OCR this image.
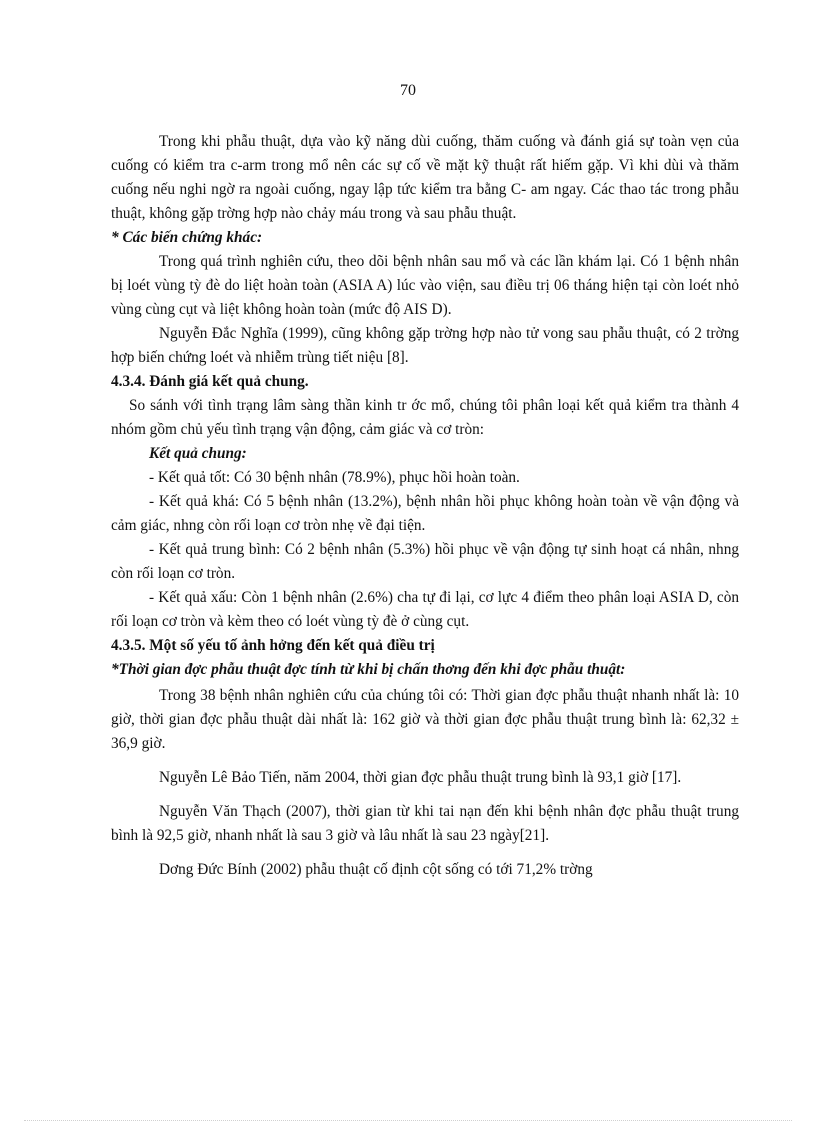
70

Trong khi phẫu thuật, dựa vào kỹ năng dùi cuống, thăm cuống và đánh giá sự toàn vẹn của cuống có kiểm tra c-arm trong mổ nên các sự cố về mặt kỹ thuật rất hiếm gặp. Vì khi dùi và thăm cuống nếu nghi ngờ ra ngoài cuống, ngay lập tức kiểm tra bằng C- am ngay. Các thao tác trong phẫu thuật, không gặp trờng hợp nào chảy máu trong và sau phẫu thuật.

* Các biến chứng khác:

Trong quá trình nghiên cứu, theo dõi bệnh nhân sau mổ và các lần khám lại. Có 1 bệnh nhân bị loét vùng tỳ đè do liệt hoàn toàn (ASIA A) lúc vào viện, sau điều trị 06 tháng hiện tại còn loét nhỏ vùng cùng cụt và liệt không hoàn toàn (mức độ AIS D).

Nguyễn Đắc Nghĩa (1999), cũng không gặp trờng hợp nào tử vong sau phẫu thuật, có 2 trờng hợp biến chứng loét và nhiễm trùng tiết niệu [8].

4.3.4. Đánh giá kết quả chung.

So sánh với tình trạng lâm sàng thần kinh tr ớc mổ, chúng tôi phân loại kết quả kiểm tra thành 4 nhóm gồm chủ yếu tình trạng vận động, cảm giác và cơ tròn:

Kết quả chung:

- Kết quả tốt: Có 30 bệnh nhân (78.9%), phục hồi hoàn toàn.

- Kết quả khá: Có 5 bệnh nhân (13.2%), bệnh nhân hồi phục không hoàn toàn về vận động và cảm giác, nhng còn rối loạn cơ tròn nhẹ về đại tiện.

- Kết quả trung bình: Có 2 bệnh nhân (5.3%) hồi phục về vận động tự sinh hoạt cá nhân, nhng còn rối loạn cơ tròn.

- Kết quả xấu: Còn 1 bệnh nhân (2.6%) cha tự đi lại, cơ lực 4 điểm theo phân loại ASIA D, còn rối loạn cơ tròn và kèm theo có loét vùng tỳ đè ở cùng cụt.

4.3.5. Một số yếu tố ảnh hởng đến kết quả điều trị

*Thời gian đợc phẫu thuật đợc tính từ khi bị chấn thơng đến khi đợc phẫu thuật:

Trong 38 bệnh nhân nghiên cứu của chúng tôi có: Thời gian đợc phẫu thuật nhanh nhất là: 10 giờ, thời gian đợc phẫu thuật dài nhất là: 162 giờ và thời gian đợc phẫu thuật trung bình là: 62,32 ± 36,9 giờ.

Nguyễn Lê Bảo Tiến, năm 2004, thời gian đợc phẫu thuật trung bình là 93,1 giờ [17].

Nguyễn Văn Thạch (2007), thời gian từ khi tai nạn đến khi bệnh nhân đợc phẫu thuật trung bình là 92,5 giờ, nhanh nhất là sau 3 giờ và lâu nhất là sau 23 ngày[21].

Dơng Đức Bính (2002) phẫu thuật cố định cột sống có tới 71,2% trờng
